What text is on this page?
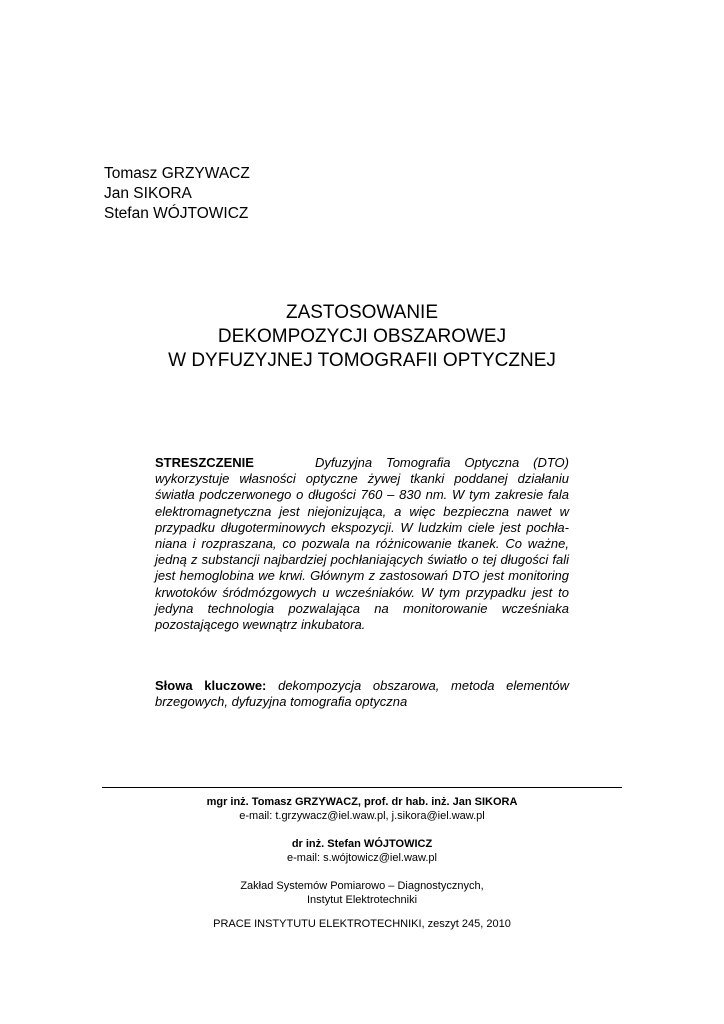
Tomasz GRZYWACZ
Jan SIKORA
Stefan WÓJTOWICZ
ZASTOSOWANIE
DEKOMPOZYCJI OBSZAROWEJ
W DYFUZYJNEJ TOMOGRAFII OPTYCZNEJ
STRESZCZENIE	Dyfuzyjna Tomografia Optyczna (DTO) wykorzystuje własności optyczne żywej tkanki poddanej działaniu światła podczerwonego o długości 760 – 830 nm. W tym zakresie fala elektromagnetyczna jest niejonizująca, a więc bezpieczna nawet w przypadku długoterminowych ekspozycji. W ludzkim ciele jest pochłaniana i rozpraszana, co pozwala na różnicowanie tkanek. Co ważne, jedną z substancji najbardziej pochłaniających światło o tej długości fali jest hemoglobina we krwi. Głównym z zastosowań DTO jest monitoring krwotoków śródmózgowych u wcześniaków. W tym przypadku jest to jedyna technologia pozwalająca na monitorowanie wcześniaka pozostającego wewnątrz inkubatora.
Słowa kluczowe: dekompozycja obszarowa, metoda elementów brzegowych, dyfuzyjna tomografia optyczna
mgr inż. Tomasz GRZYWACZ, prof. dr hab. inż. Jan SIKORA
e-mail: t.grzywacz@iel.waw.pl, j.sikora@iel.waw.pl
dr inż. Stefan WÓJTOWICZ
e-mail: s.wójtowicz@iel.waw.pl
Zakład Systemów Pomiarowo – Diagnostycznych,
Instytut Elektrotechniki
PRACE INSTYTUTU ELEKTROTECHNIKI, zeszyt 245, 2010
